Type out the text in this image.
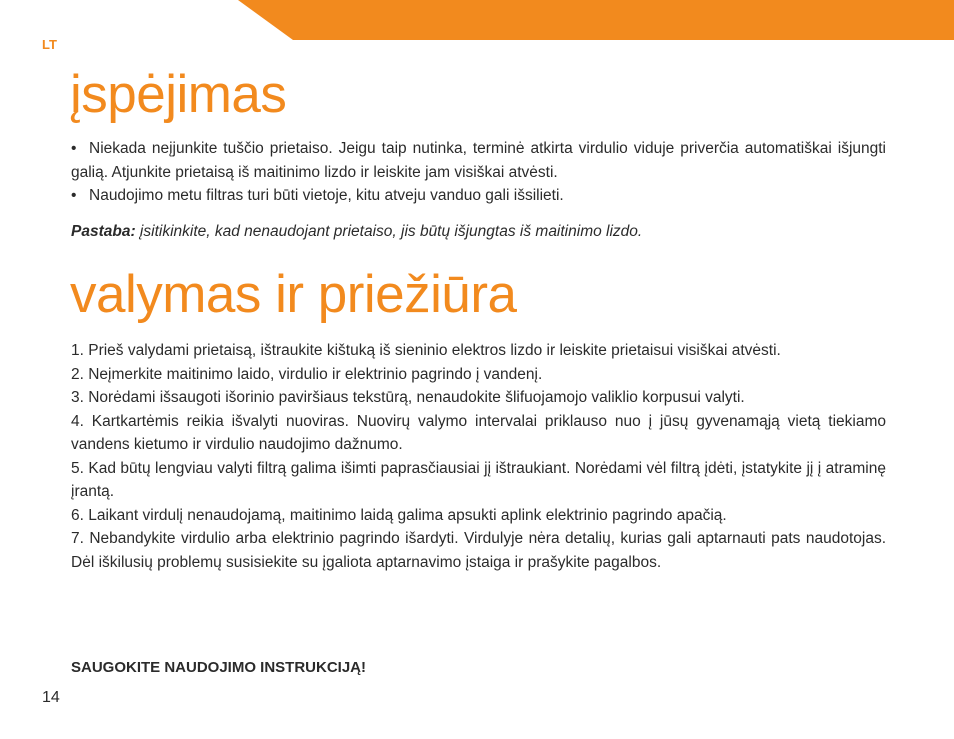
LT
įspėjimas
• Niekada neįjunkite tuščio prietaiso. Jeigu taip nutinka, terminė atkirta virdulio viduje priverčia automatiškai išjungti galią. Atjunkite prietaisą iš maitinimo lizdo ir leiskite jam visiškai atvėsti.
• Naudojimo metu filtras turi būti vietoje, kitu atveju vanduo gali išsilieti.
Pastaba: įsitikinkite, kad nenaudojant prietaiso, jis būtų išjungtas iš maitinimo lizdo.
valymas ir priežiūra
1. Prieš valydami prietaisą, ištraukite kištuką iš sieninio elektros lizdo ir leiskite prietaisui visiškai atvėsti.
2. Neįmerkite maitinimo laido, virdulio ir elektrinio pagrindo į vandenį.
3. Norėdami išsaugoti išorinio paviršiaus tekstūrą, nenaudokite šlifuojamojo valiklio korpusui valyti.
4. Kartkartėmis reikia išvalyti nuoviras. Nuovirų valymo intervalai priklauso nuo į jūsų gyvenamąją vietą tiekiamo vandens kietumo ir virdulio naudojimo dažnumo.
5. Kad būtų lengviau valyti filtrą galima išimti paprasčiausiai jį ištraukiant. Norėdami vėl filtrą įdėti, įstatykite jį į atraminę įrantą.
6. Laikant virdulį nenaudojamą, maitinimo laidą galima apsukti aplink elektrinio pagrindo apačią.
7. Nebandykite virdulio arba elektrinio pagrindo išardyti. Virdulyje nėra detalių, kurias gali aptarnauti pats naudotojas. Dėl iškilusių problemų susisiekite su įgaliota aptarnavimo įstaiga ir prašykite pagalbos.
SAUGOKITE NAUDOJIMO INSTRUKCIJĄ!
14
